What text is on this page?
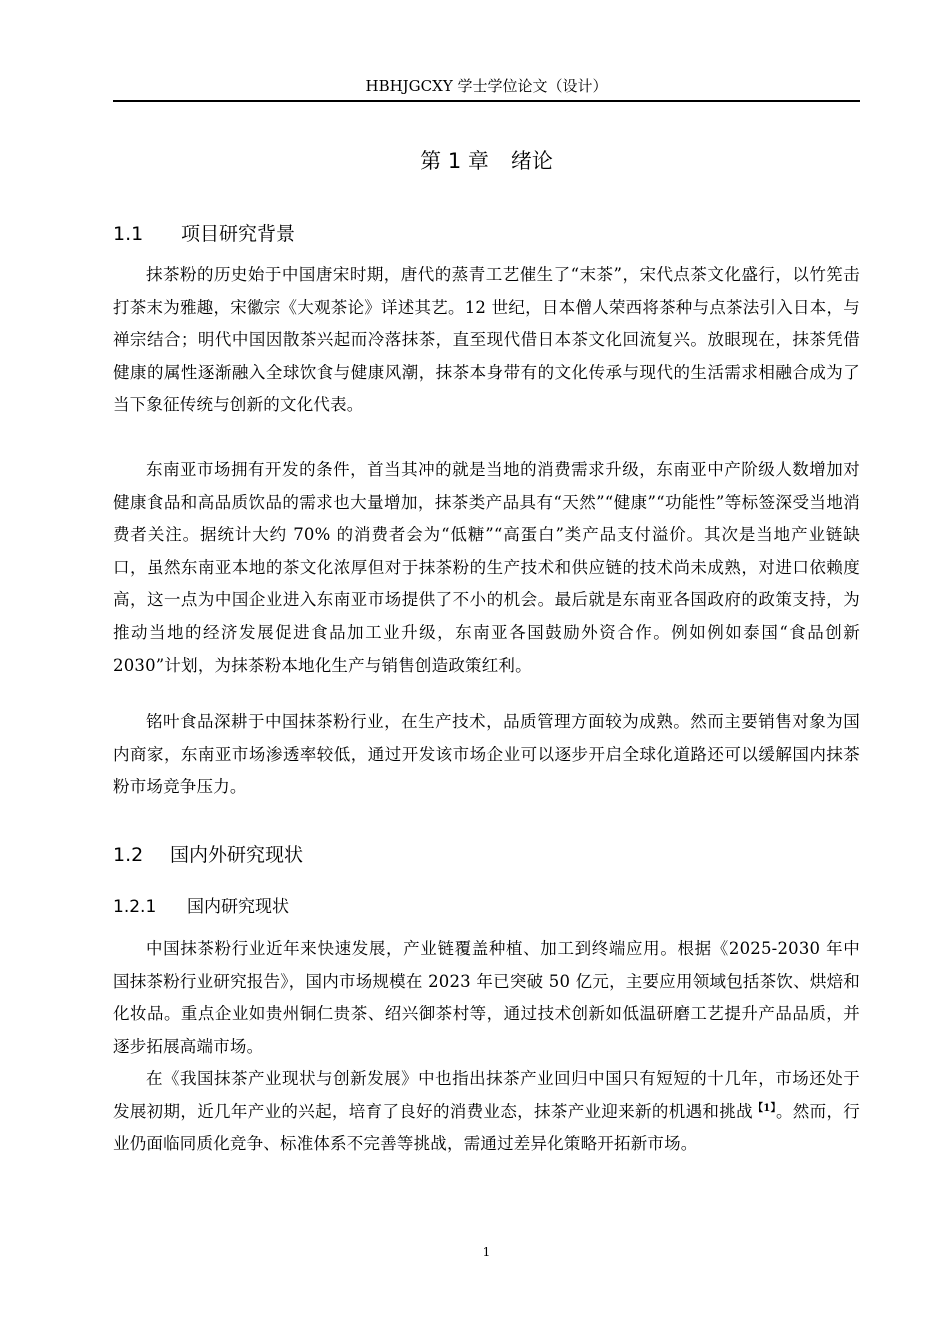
HBHJGCXY 学士学位论文（设计）
第 1 章 绪论
1.1 项目研究背景

抹茶粉的历史始于中国唐宋时期，唐代的蒸青工艺催生了“末茶”，宋代点茶文化盛行，以竹筅击打茶末为雅趣，宋徽宗《大观茶论》详述其艺。12 世纪，日本僧人荣西将茶种与点茶法引入日本，与禅宗结合；明代中国因散茶兴起而冷落抹茶，直至现代借日本茶文化回流复兴。放眼现在，抹茶凭借健康的属性逐渐融入全球饮食与健康风潮，抹茶本身带有的文化传承与现代的生活需求相融合成为了当下象征传统与创新的文化代表。

东南亚市场拥有开发的条件，首当其冲的就是当地的消费需求升级，东南亚中产阶级人数增加对健康食品和高品质饮品的需求也大量增加，抹茶类产品具有“天然”“健康”“功能性”等标签深受当地消费者关注。据统计大约 70% 的消费者会为“低糖”“高蛋白”类产品支付溢价。其次是当地产业链缺口，虽然东南亚本地的茶文化浓厚但对于抹茶粉的生产技术和供应链的技术尚未成熟，对进口依赖度高，这一点为中国企业进入东南亚市场提供了不小的机会。最后就是东南亚各国政府的政策支持，为推动当地的经济发展促进食品加工业升级，东南亚各国鼓励外资合作。例如例如泰国“食品创新 2030”计划，为抹茶粉本地化生产与销售创造政策红利。

铭叶食品深耕于中国抹茶粉行业，在生产技术，品质管理方面较为成熟。然而主要销售对象为国内商家，东南亚市场渗透率较低，通过开发该市场企业可以逐步开启全球化道路还可以缓解国内抹茶粉市场竞争压力。

1.2 国内外研究现状
1.2.1 国内研究现状

中国抹茶粉行业近年来快速发展，产业链覆盖种植、加工到终端应用。根据《2025-2030 年中国抹茶粉行业研究报告》，国内市场规模在 2023 年已突破 50 亿元，主要应用领域包括茶饮、烘焙和化妆品。重点企业如贵州铜仁贵茶、绍兴御茶村等，通过技术创新如低温研磨工艺提升产品品质，并逐步拓展高端市场。

在《我国抹茶产业现状与创新发展》中也指出抹茶产业回归中国只有短短的十几年，市场还处于发展初期，近几年产业的兴起，培育了良好的消费业态，抹茶产业迎来新的机遇和挑战$^{【1】}$。然而，行业仍面临同质化竞争、标准体系不完善等挑战，需通过差异化策略开拓新市场。

1
